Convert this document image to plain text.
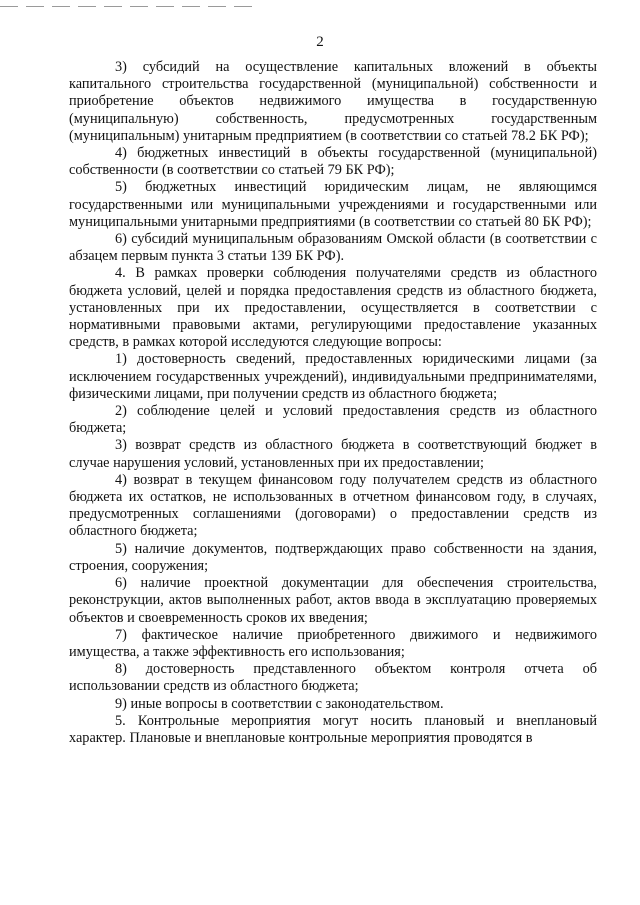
2

3) субсидий на осуществление капитальных вложений в объекты капитального строительства государственной (муниципальной) собственности и приобретение объектов недвижимого имущества в государственную (муниципальную) собственность, предусмотренных государственным (муниципальным) унитарным предприятием (в соответствии со статьей 78.2 БК РФ);

4) бюджетных инвестиций в объекты государственной (муниципальной) собственности (в соответствии со статьей 79 БК РФ);

5) бюджетных инвестиций юридическим лицам, не являющимся государственными или муниципальными учреждениями и государственными или муниципальными унитарными предприятиями (в соответствии со статьей 80 БК РФ);

6) субсидий муниципальным образованиям Омской области (в соответствии с абзацем первым пункта 3 статьи 139 БК РФ).

4. В рамках проверки соблюдения получателями средств из областного бюджета условий, целей и порядка предоставления средств из областного бюджета, установленных при их предоставлении, осуществляется в соответствии с нормативными правовыми актами, регулирующими предоставление указанных средств, в рамках которой исследуются следующие вопросы:

1) достоверность сведений, предоставленных юридическими лицами (за исключением государственных учреждений), индивидуальными предпринимателями, физическими лицами, при получении средств из областного бюджета;

2) соблюдение целей и условий предоставления средств из областного бюджета;

3) возврат средств из областного бюджета в соответствующий бюджет в случае нарушения условий, установленных при их предоставлении;

4) возврат в текущем финансовом году получателем средств из областного бюджета их остатков, не использованных в отчетном финансовом году, в случаях, предусмотренных соглашениями (договорами) о предоставлении средств из областного бюджета;

5) наличие документов, подтверждающих право собственности на здания, строения, сооружения;

6) наличие проектной документации для обеспечения строительства, реконструкции, актов выполненных работ, актов ввода в эксплуатацию проверяемых объектов и своевременность сроков их введения;

7) фактическое наличие приобретенного движимого и недвижимого имущества, а также эффективность его использования;

8) достоверность представленного объектом контроля отчета об использовании средств из областного бюджета;

9) иные вопросы в соответствии с законодательством.

5. Контрольные мероприятия могут носить плановый и внеплановый характер. Плановые и внеплановые контрольные мероприятия проводятся в
